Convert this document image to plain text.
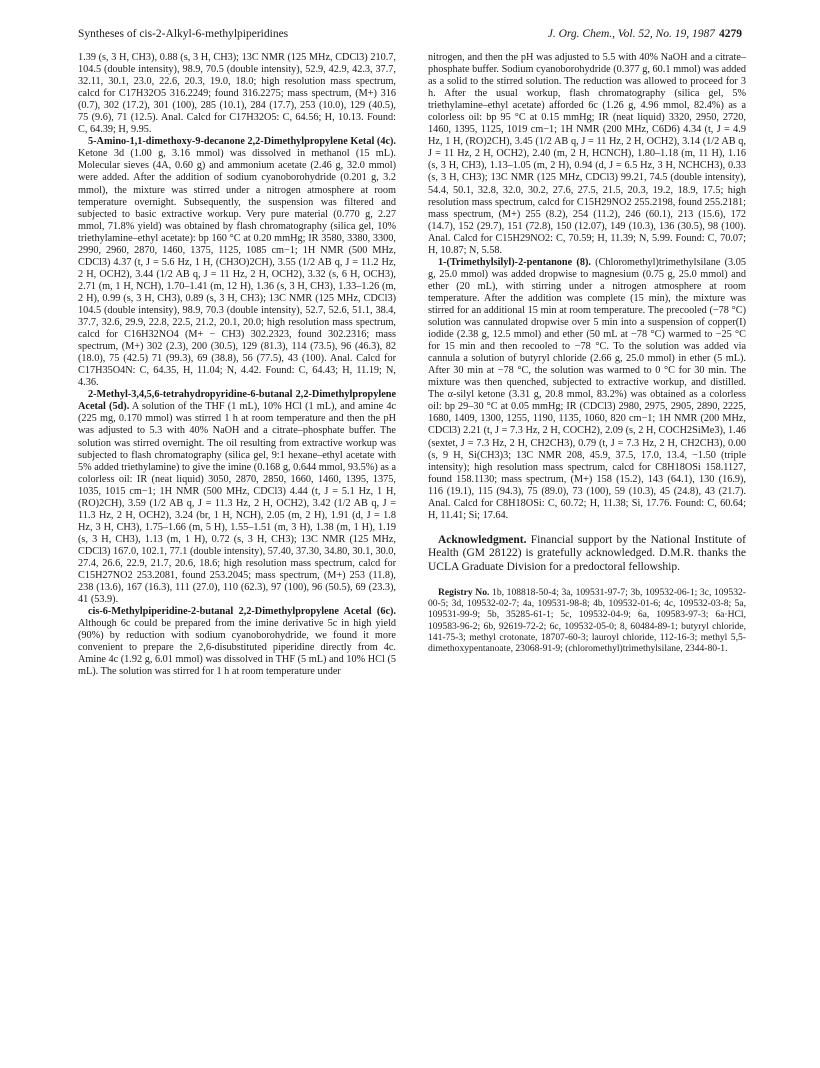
Syntheses of cis-2-Alkyl-6-methylpiperidines	J. Org. Chem., Vol. 52, No. 19, 1987 4279

1.39 (s, 3 H, CH3), 0.88 (s, 3 H, CH3); 13C NMR (125 MHz, CDCl3) 210.7, 104.5 (double intensity), 98.9, 70.5 (double intensity), 52.9, 42.9, 42.3, 37.7, 32.11, 30.1, 23.0, 22.6, 20.3, 19.0, 18.0; high resolution mass spectrum, calcd for C17H32O5 316.2249; found 316.2275; mass spectrum, (M+) 316 (0.7), 302 (17.2), 301 (100), 285 (10.1), 284 (17.7), 253 (10.0), 129 (40.5), 75 (9.6), 71 (12.5). Anal. Calcd for C17H32O5: C, 64.56; H, 10.13. Found: C, 64.39; H, 9.95.

5-Amino-1,1-dimethoxy-9-decanone 2,2-Dimethylpropylene Ketal (4c). Ketone 3d (1.00 g, 3.16 mmol) was dissolved in methanol (15 mL). Molecular sieves (4A, 0.60 g) and ammonium acetate (2.46 g, 32.0 mmol) were added. After the addition of sodium cyanoborohydride (0.201 g, 3.2 mmol), the mixture was stirred under a nitrogen atmosphere at room temperature overnight. Subsequently, the suspension was filtered and subjected to basic extractive workup. Very pure material (0.770 g, 2.27 mmol, 71.8% yield) was obtained by flash chromatography (silica gel, 10% triethylamine–ethyl acetate): bp 160 °C at 0.20 mmHg; IR 3580, 3380, 3300, 2990, 2960, 2870, 1460, 1375, 1125, 1085 cm−1; 1H NMR (500 MHz, CDCl3) 4.37 (t, J = 5.6 Hz, 1 H, (CH3O)2CH), 3.55 (1/2 AB q, J = 11.2 Hz, 2 H, OCH2), 3.44 (1/2 AB q, J = 11 Hz, 2 H, OCH2), 3.32 (s, 6 H, OCH3), 2.71 (m, 1 H, NCH), 1.70–1.41 (m, 12 H), 1.36 (s, 3 H, CH3), 1.33–1.26 (m, 2 H), 0.99 (s, 3 H, CH3), 0.89 (s, 3 H, CH3); 13C NMR (125 MHz, CDCl3) 104.5 (double intensity), 98.9, 70.3 (double intensity), 52.7, 52.6, 51.1, 38.4, 37.7, 32.6, 29.9, 22.8, 22.5, 21.2, 20.1, 20.0; high resolution mass spectrum, calcd for C16H32NO4 (M+ − CH3) 302.2323, found 302.2316; mass spectrum, (M+) 302 (2.3), 200 (30.5), 129 (81.3), 114 (73.5), 96 (46.3), 82 (18.0), 75 (42.5) 71 (99.3), 69 (38.8), 56 (77.5), 43 (100). Anal. Calcd for C17H35O4N: C, 64.35, H, 11.04; N, 4.42. Found: C, 64.43; H, 11.19; N, 4.36.

2-Methyl-3,4,5,6-tetrahydropyridine-6-butanal 2,2-Dimethylpropylene Acetal (5d). A solution of the THF (1 mL), 10% HCl (1 mL), and amine 4c (225 mg, 0.170 mmol) was stirred 1 h at room temperature and then the pH was adjusted to 5.3 with 40% NaOH and a citrate–phosphate buffer. The solution was stirred overnight. The oil resulting from extractive workup was subjected to flash chromatography (silica gel, 9:1 hexane–ethyl acetate with 5% added triethylamine) to give the imine (0.168 g, 0.644 mmol, 93.5%) as a colorless oil: IR (neat liquid) 3050, 2870, 2850, 1660, 1460, 1395, 1375, 1035, 1015 cm−1; 1H NMR (500 MHz, CDCl3) 4.44 (t, J = 5.1 Hz, 1 H, (RO)2CH), 3.59 (1/2 AB q, J = 11.3 Hz, 2 H, OCH2), 3.42 (1/2 AB q, J = 11.3 Hz, 2 H, OCH2), 3.24 (br, 1 H, NCH), 2.05 (m, 2 H), 1.91 (d, J = 1.8 Hz, 3 H, CH3), 1.75–1.66 (m, 5 H), 1.55–1.51 (m, 3 H), 1.38 (m, 1 H), 1.19 (s, 3 H, CH3), 1.13 (m, 1 H), 0.72 (s, 3 H, CH3); 13C NMR (125 MHz, CDCl3) 167.0, 102.1, 77.1 (double intensity), 57.40, 37.30, 34.80, 30.1, 30.0, 27.4, 26.6, 22.9, 21.7, 20.6, 18.6; high resolution mass spectrum, calcd for C15H27NO2 253.2081, found 253.2045; mass spectrum, (M+) 253 (11.8), 238 (13.6), 167 (16.3), 111 (27.0), 110 (62.3), 97 (100), 96 (50.5), 69 (23.3), 41 (53.9).

cis-6-Methylpiperidine-2-butanal 2,2-Dimethylpropylene Acetal (6c). Although 6c could be prepared from the imine derivative 5c in high yield (90%) by reduction with sodium cyanoborohydride, we found it more convenient to prepare the 2,6-disubstituted piperidine directly from 4c. Amine 4c (1.92 g, 6.01 mmol) was dissolved in THF (5 mL) and 10% HCl (5 mL). The solution was stirred for 1 h at room temperature under

nitrogen, and then the pH was adjusted to 5.5 with 40% NaOH and a citrate–phosphate buffer. Sodium cyanoborohydride (0.377 g, 60.1 mmol) was added as a solid to the stirred solution. The reduction was allowed to proceed for 3 h. After the usual workup, flash chromatography (silica gel, 5% triethylamine–ethyl acetate) afforded 6c (1.26 g, 4.96 mmol, 82.4%) as a colorless oil: bp 95 °C at 0.15 mmHg; IR (neat liquid) 3320, 2950, 2720, 1460, 1395, 1125, 1019 cm−1; 1H NMR (200 MHz, C6D6) 4.34 (t, J = 4.9 Hz, 1 H, (RO)2CH), 3.45 (1/2 AB q, J = 11 Hz, 2 H, OCH2), 3.14 (1/2 AB q, J = 11 Hz, 2 H, OCH2), 2.40 (m, 2 H, HCNCH), 1.80–1.18 (m, 11 H), 1.16 (s, 3 H, CH3), 1.13–1.05 (m, 2 H), 0.94 (d, J = 6.5 Hz, 3 H, NCHCH3), 0.33 (s, 3 H, CH3); 13C NMR (125 MHz, CDCl3) 99.21, 74.5 (double intensity), 54.4, 50.1, 32.8, 32.0, 30.2, 27.6, 27.5, 21.5, 20.3, 19.2, 18.9, 17.5; high resolution mass spectrum, calcd for C15H29NO2 255.2198, found 255.2181; mass spectrum, (M+) 255 (8.2), 254 (11.2), 246 (60.1), 213 (15.6), 172 (14.7), 152 (29.7), 151 (72.8), 150 (12.07), 149 (10.3), 136 (30.5), 98 (100). Anal. Calcd for C15H29NO2: C, 70.59; H, 11.39; N, 5.99. Found: C, 70.07; H, 10.87; N, 5.58.

1-(Trimethylsilyl)-2-pentanone (8). (Chloromethyl)trimethylsilane (3.05 g, 25.0 mmol) was added dropwise to magnesium (0.75 g, 25.0 mmol) and ether (20 mL), with stirring under a nitrogen atmosphere at room temperature. After the addition was complete (15 min), the mixture was stirred for an additional 15 min at room temperature. The precooled (−78 °C) solution was cannulated dropwise over 5 min into a suspension of copper(I) iodide (2.38 g, 12.5 mmol) and ether (50 mL at −78 °C) warmed to −25 °C for 15 min and then recooled to −78 °C. To the solution was added via cannula a solution of butyryl chloride (2.66 g, 25.0 mmol) in ether (5 mL). After 30 min at −78 °C, the solution was warmed to 0 °C for 30 min. The mixture was then quenched, subjected to extractive workup, and distilled. The α-silyl ketone (3.31 g, 20.8 mmol, 83.2%) was obtained as a colorless oil: bp 29–30 °C at 0.05 mmHg; IR (CDCl3) 2980, 2975, 2905, 2890, 2225, 1680, 1409, 1300, 1255, 1190, 1135, 1060, 820 cm−1; 1H NMR (200 MHz, CDCl3) 2.21 (t, J = 7.3 Hz, 2 H, COCH2), 2.09 (s, 2 H, COCH2SiMe3), 1.46 (sextet, J = 7.3 Hz, 2 H, CH2CH3), 0.79 (t, J = 7.3 Hz, 2 H, CH2CH3), 0.00 (s, 9 H, Si(CH3)3; 13C NMR 208, 45.9, 37.5, 17.0, 13.4, −1.50 (triple intensity); high resolution mass spectrum, calcd for C8H18OSi 158.1127, found 158.1130; mass spectrum, (M+) 158 (15.2), 143 (64.1), 130 (16.9), 116 (19.1), 115 (94.3), 75 (89.0), 73 (100), 59 (10.3), 45 (24.8), 43 (21.7). Anal. Calcd for C8H18OSi: C, 60.72; H, 11.38; Si, 17.76. Found: C, 60.64; H, 11.41; Si; 17.64.

Acknowledgment. Financial support by the National Institute of Health (GM 28122) is gratefully acknowledged. D.M.R. thanks the UCLA Graduate Division for a predoctoral fellowship.

Registry No. 1b, 108818-50-4; 3a, 109531-97-7; 3b, 109532-06-1; 3c, 109532-00-5; 3d, 109532-02-7; 4a, 109531-98-8; 4b, 109532-01-6; 4c, 109532-03-8; 5a, 109531-99-9; 5b, 35285-61-1; 5c, 109532-04-9; 6a, 109583-97-3; 6a·HCl, 109583-96-2; 6b, 92619-72-2; 6c, 109532-05-0; 8, 60484-89-1; butyryl chloride, 141-75-3; methyl crotonate, 18707-60-3; lauroyl chloride, 112-16-3; methyl 5,5-dimethoxypentanoate, 23068-91-9; (chloromethyl)trimethylsilane, 2344-80-1.
